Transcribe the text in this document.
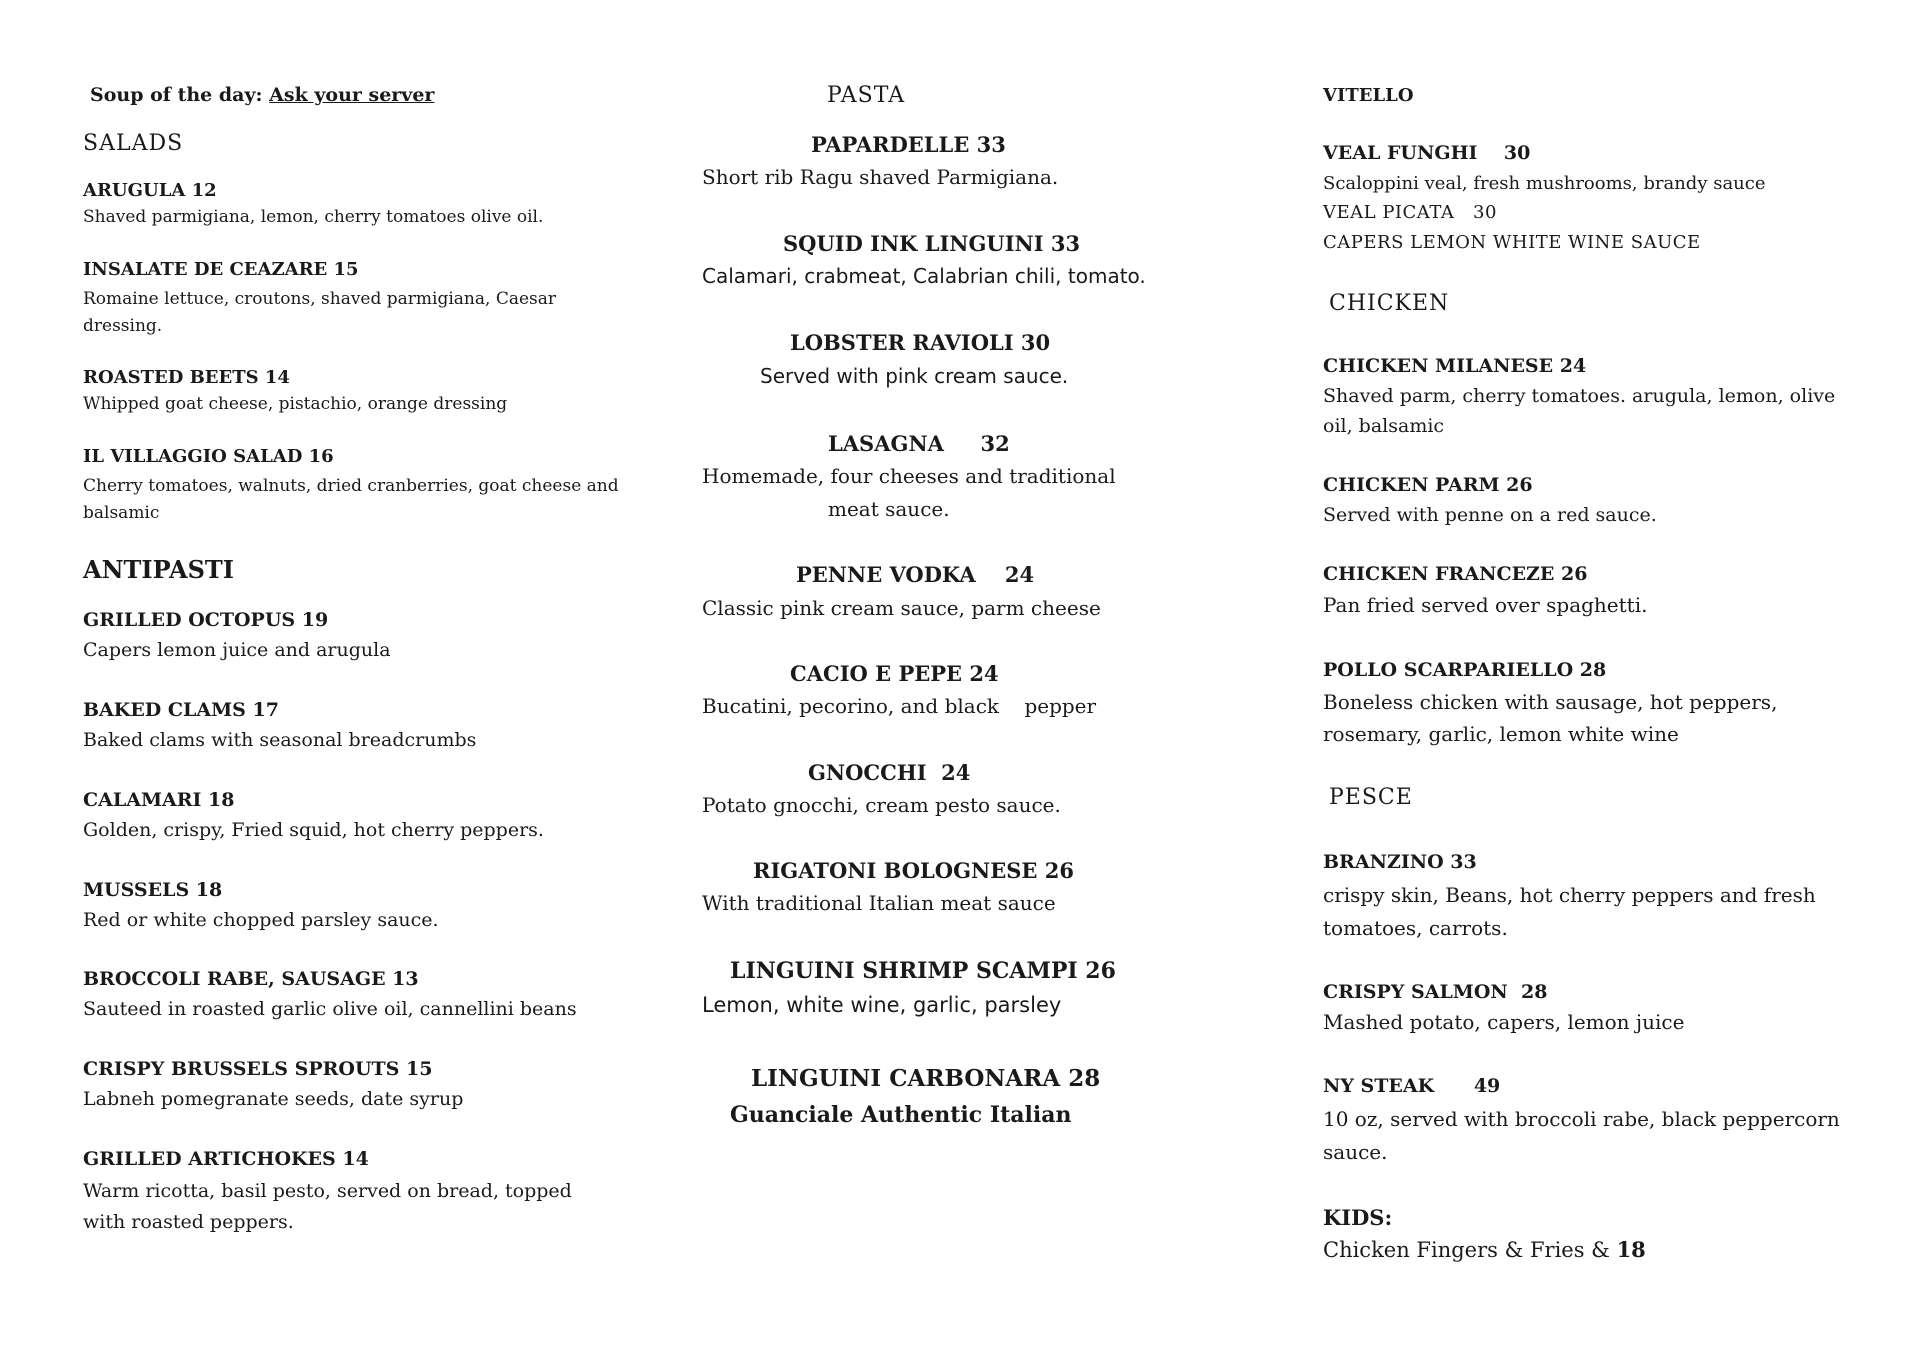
Soup of the day: Ask your server
SALADS
ARUGULA 12
Shaved parmigiana, lemon, cherry tomatoes olive oil.
INSALATE DE CEAZARE 15
Romaine lettuce, croutons, shaved parmigiana, Caesar dressing.
ROASTED BEETS 14
Whipped goat cheese, pistachio, orange dressing
IL VILLAGGIO SALAD 16
Cherry tomatoes, walnuts, dried cranberries, goat cheese and balsamic
ANTIPASTI
GRILLED OCTOPUS 19
Capers lemon juice and arugula
BAKED CLAMS 17
Baked clams with seasonal breadcrumbs
CALAMARI 18
Golden, crispy, Fried squid, hot cherry peppers.
MUSSELS 18
Red or white chopped parsley sauce.
BROCCOLI RABE, SAUSAGE 13
Sauteed in roasted garlic olive oil, cannellini beans
CRISPY BRUSSELS SPROUTS 15
Labneh pomegranate seeds, date syrup
GRILLED ARTICHOKES 14
Warm ricotta, basil pesto, served on bread, topped with roasted peppers.
PASTA
PAPARDELLE 33
Short rib Ragu shaved Parmigiana.
SQUID INK LINGUINI 33
Calamari, crabmeat, Calabrian chili, tomato.
LOBSTER RAVIOLI 30
Served with pink cream sauce.
LASAGNA     32
Homemade, four cheeses and traditional
meat sauce.
PENNE VODKA    24
Classic pink cream sauce, parm cheese
CACIO E PEPE 24
Bucatini, pecorino, and black    pepper
GNOCCHI  24
Potato gnocchi, cream pesto sauce.
RIGATONI BOLOGNESE 26
With traditional Italian meat sauce
LINGUINI SHRIMP SCAMPI 26
Lemon, white wine, garlic, parsley
LINGUINI CARBONARA 28
Guanciale Authentic Italian
VITELLO
VEAL FUNGHI    30
Scaloppini veal, fresh mushrooms, brandy sauce
VEAL PICATA   30
CAPERS LEMON WHITE WINE SAUCE
CHICKEN
CHICKEN MILANESE 24
Shaved parm, cherry tomatoes. arugula, lemon, olive oil, balsamic
CHICKEN PARM 26
Served with penne on a red sauce.
CHICKEN FRANCEZE 26
Pan fried served over spaghetti.
POLLO SCARPARIELLO 28
Boneless chicken with sausage, hot peppers, rosemary, garlic, lemon white wine
PESCE
BRANZINO 33
crispy skin, Beans, hot cherry peppers and fresh tomatoes, carrots.
CRISPY SALMON  28
Mashed potato, capers, lemon juice
NY STEAK      49
10 oz, served with broccoli rabe, black peppercorn sauce.
KIDS:
Chicken Fingers & Fries & 18
